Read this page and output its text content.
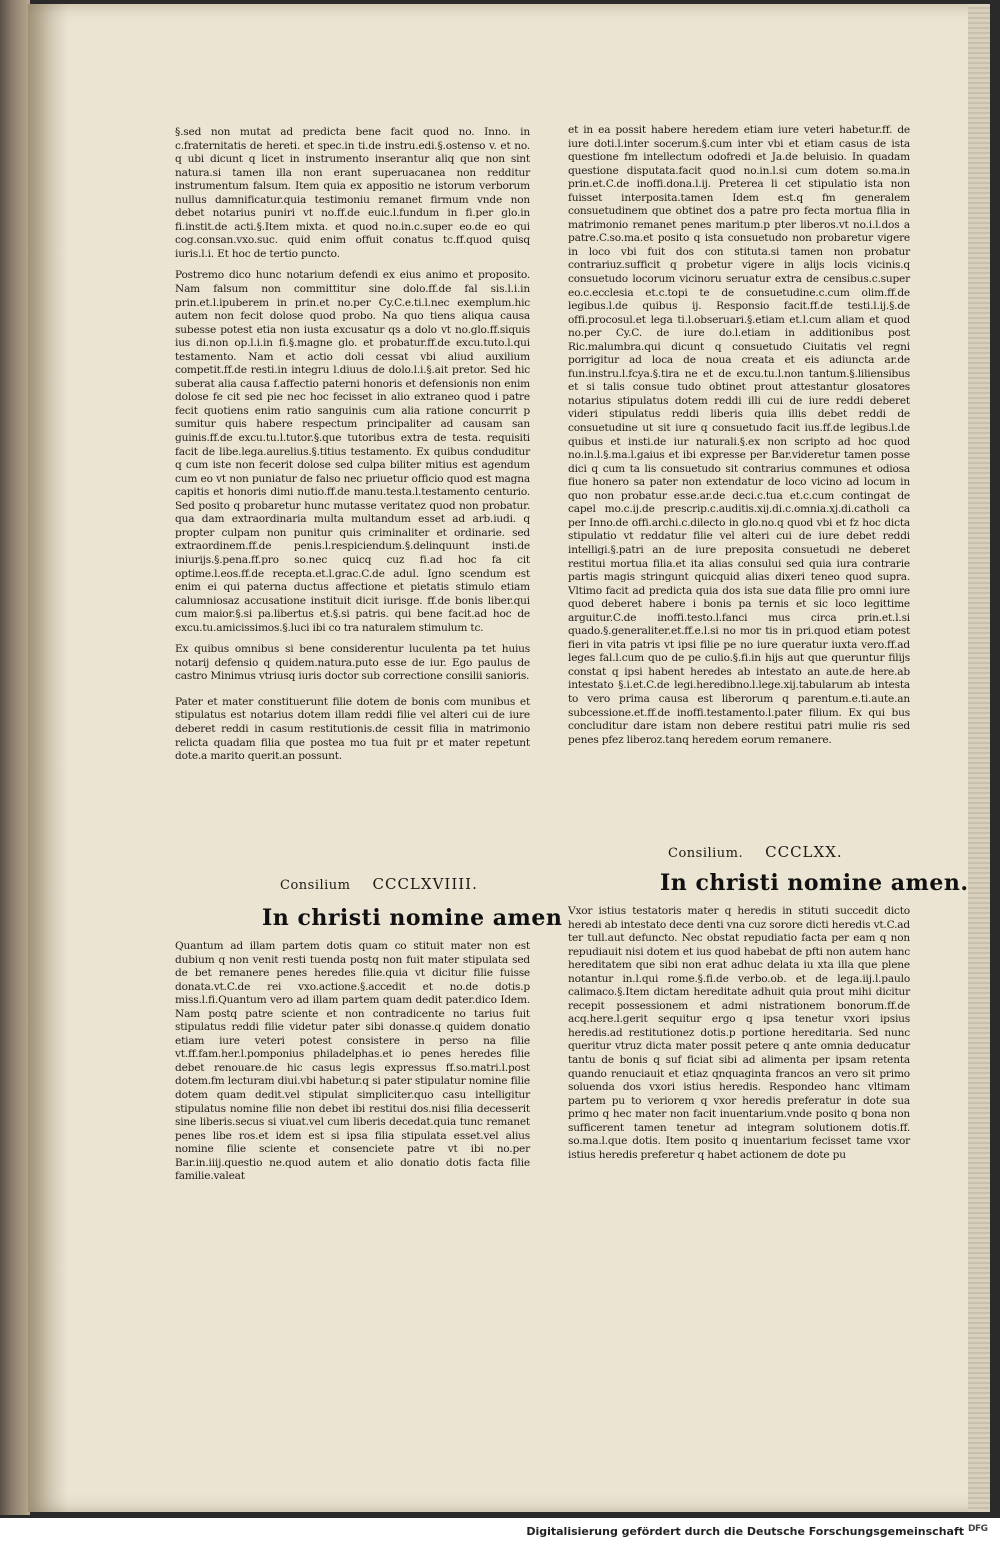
§.sed non mutat ad predicta bene facit quod no. Inno. in c.fraternitatis de hereti. et spec.in ti.de instru.edi.§.ostenso v. et no. q ubi dicunt q licet in instrumento inserantur aliq que non sint natura.si tamen illa non erant superuacanea non redditur instrumentum falsum. Item quia ex appositio ne istorum verborum nullus damnificatur.quia testimoniu remanet firmum vnde non debet notarius puniri vt no.ff.de euic.l.fundum in fi.per glo.in fi.instit.de acti.§.Item mixta. et quod no.in.c.super eo.de eo qui cog.consan.vxo.suc. quid enim offuit conatus tc.ff.quod quisq iuris.l.i. Et hoc de tertio puncto.

Postremo dico hunc notarium defendi ex eius animo et proposito. Nam falsum non committitur sine dolo.ff.de fal sis.l.i.in prin.et.l.ipuberem in prin.et no.per Cy.C.e.ti.l.nec exemplum.hic autem non fecit dolose quod probo. Na quo tiens aliqua causa subesse potest etia non iusta excusatur qs a dolo vt no.glo.ff.siquis ius di.non op.l.i.in fi.§.magne glo. et probatur.ff.de excu.tuto.l.qui testamento. Nam et actio doli cessat vbi aliud auxilium competit.ff.de resti.in integru l.diuus de dolo.l.i.§.ait pretor. Sed hic suberat alia causa f.affectio paterni honoris et defensionis non enim dolose fe cit sed pie nec hoc fecisset in alio extraneo quod i patre fecit quotiens enim ratio sanguinis cum alia ratione concurrit p sumitur quis habere respectum principaliter ad causam san guinis.ff.de excu.tu.l.tutor.§.que tutoribus extra de testa. requisiti facit de libe.lega.aurelius.§.titius testamento. Ex quibus conduditur q cum iste non fecerit dolose sed culpa biliter mitius est agendum cum eo vt non puniatur de falso nec priuetur officio quod est magna capitis et honoris dimi nutio.ff.de manu.testa.l.testamento centurio. Sed posito q probaretur hunc mutasse veritatez quod non probatur. qua dam extraordinaria multa multandum esset ad arb.iudi. q propter culpam non punitur quis criminaliter et ordinarie. sed extraordinem.ff.de penis.l.respiciendum.§.delinquunt insti.de iniurijs.§.pena.ff.pro so.nec quicq cuz fi.ad hoc fa cit optime.l.eos.ff.de recepta.et.l.grac.C.de adul. Igno scendum est enim ei qui paterna ductus affectione et pietatis stimulo etiam calumniosaz accusatione instituit dicit iurisge. ff.de bonis liber.qui cum maior.§.si pa.libertus et.§.si patris. qui bene facit.ad hoc de excu.tu.amicissimos.§.luci ibi co tra naturalem stimulum tc.

Ex quibus omnibus si bene considerentur luculenta pa tet huius notarij defensio q quidem.natura.puto esse de iur. Ego paulus de castro Minimus vtriusq iuris doctor sub correctione consilii sanioris.

Pater et mater constituerunt filie dotem de bonis com munibus et stipulatus est notarius dotem illam reddi filie vel alteri cui de iure deberet reddi in casum restitutionis.de cessit filia in matrimonio relicta quadam filia que postea mo tua fuit pr et mater repetunt dote.a marito querit.an possunt.

Consilium CCCLXVIIII.
In christi nomine amen

Quantum ad illam partem dotis quam co stituit mater non est dubium q non venit resti tuenda postq non fuit mater stipulata sed de bet remanere penes heredes filie.quia vt dicitur filie fuisse donata.vt.C.de rei vxo.actione.§.accedit et no.de dotis.p miss.l.fi.Quantum vero ad illam partem quam dedit pater.dico Idem. Nam postq patre sciente et non contradicente no tarius fuit stipulatus reddi filie videtur pater sibi donasse.q quidem donatio etiam iure veteri potest consistere in perso na filie vt.ff.fam.her.l.pomponius philadelphas.et io penes heredes filie debet renouare.de hic casus legis expressus ff.so.matri.l.post dotem.fm lecturam diui.vbi habetur.q si pater stipulatur nomine filie dotem quam dedit.vel stipulat simpliciter.quo casu intelligitur stipulatus nomine filie non debet ibi restitui dos.nisi filia decesserit sine liberis.secus si viuat.vel cum liberis decedat.quia tunc remanet penes libe ros.et idem est si ipsa filia stipulata esset.vel alius nomine filie sciente et consenciete patre vt ibi no.per Bar.in.iiij.questio ne.quod autem et alio donatio dotis facta filie familie.valeat

et in ea possit habere heredem etiam iure veteri habetur.ff. de iure doti.l.inter socerum.§.cum inter vbi et etiam casus de ista questione fm intellectum odofredi et Ja.de beluisio. In quadam questione disputata.facit quod no.in.l.si cum dotem so.ma.in prin.et.C.de inoffi.dona.l.ij. Preterea li cet stipulatio ista non fuisset interposita.tamen Idem est.q fm generalem consuetudinem que obtinet dos a patre pro fecta mortua filia in matrimonio remanet penes maritum.p pter liberos.vt no.i.l.dos a patre.C.so.ma.et posito q ista consuetudo non probaretur vigere in loco vbi fuit dos con stituta.si tamen non probatur contrariuz.sufficit q probetur vigere in alijs locis vicinis.q consuetudo locorum vicinoru seruatur extra de censibus.c.super eo.c.ecclesia et.c.topi te de consuetudine.c.cum olim.ff.de legibus.l.de quibus ij. Responsio facit.ff.de testi.l.ij.§.de offi.procosul.et lega ti.l.obseruari.§.etiam et.l.cum aliam et quod no.per Cy.C. de iure do.l.etiam in additionibus post Ric.malumbra.qui dicunt q consuetudo Ciuitatis vel regni porrigitur ad loca de noua creata et eis adiuncta ar.de fun.instru.l.fcya.§.tira ne et de excu.tu.l.non tantum.§.liliensibus et si talis consue tudo obtinet prout attestantur glosatores notarius stipulatus dotem reddi illi cui de iure reddi deberet videri stipulatus reddi liberis quia illis debet reddi de consuetudine ut sit iure q consuetudo facit ius.ff.de legibus.l.de quibus et insti.de iur naturali.§.ex non scripto ad hoc quod no.in.l.§.ma.l.gaius et ibi expresse per Bar.videretur tamen posse dici q cum ta lis consuetudo sit contrarius communes et odiosa fiue honero sa pater non extendatur de loco vicino ad locum in quo non probatur esse.ar.de deci.c.tua et.c.cum contingat de capel mo.c.ij.de prescrip.c.auditis.xij.di.c.omnia.xj.di.catholi ca per Inno.de offi.archi.c.dilecto in glo.no.q quod vbi et fz hoc dicta stipulatio vt reddatur filie vel alteri cui de iure debet reddi intelligi.§.patri an de iure preposita consuetudi ne deberet restitui mortua filia.et ita alias consului sed quia iura contrarie partis magis stringunt quicquid alias dixeri teneo quod supra. Vltimo facit ad predicta quia dos ista sue data filie pro omni iure quod deberet habere i bonis pa ternis et sic loco legittime arguitur.C.de inoffi.testo.l.fanci mus circa prin.et.l.si quado.§.generaliter.et.ff.e.l.si no mor tis in pri.quod etiam potest fieri in vita patris vt ipsi filie pe no iure queratur iuxta vero.ff.ad leges fal.l.cum quo de pe culio.§.fi.in hijs aut que queruntur filijs constat q ipsi habent heredes ab intestato an aute.de here.ab intestato §.i.et.C.de legi.heredibno.l.lege.xij.tabularum ab intesta to vero prima causa est liberorum q parentum.e.ti.aute.an subcessione.et.ff.de inoffi.testamento.l.pater filium. Ex qui bus concluditur dare istam non debere restitui patri mulie ris sed penes pfez liberoz.tanq heredem eorum remanere.

Consilium. CCCLXX.
In christi nomine amen.

Vxor istius testatoris mater q heredis in stituti succedit dicto heredi ab intestato dece denti vna cuz sorore dicti heredis vt.C.ad ter tull.aut defuncto. Nec obstat repudiatio facta per eam q non repudiauit nisi dotem et ius quod habebat de pfti non autem hanc hereditatem que sibi non erat adhuc delata iu xta illa que plene notantur in.l.qui rome.§.fi.de verbo.ob. et de lega.iij.l.paulo calimaco.§.Item dictam hereditate adhuit quia prout mihi dicitur recepit possessionem et admi nistrationem bonorum.ff.de acq.here.l.gerit sequitur ergo q ipsa tenetur vxori ipsius heredis.ad restitutionez dotis.p portione hereditaria. Sed nunc queritur vtruz dicta mater possit petere q ante omnia deducatur tantu de bonis q suf ficiat sibi ad alimenta per ipsam retenta quando renuciauit et etiaz qnquaginta francos an vero sit primo soluenda dos vxori istius heredis. Respondeo hanc vltimam partem pu to veriorem q vxor heredis preferatur in dote sua primo q hec mater non facit inuentarium.vnde posito q bona non sufficerent tamen tenetur ad integram solutionem dotis.ff. so.ma.l.que dotis. Item posito q inuentarium fecisset tame vxor istius heredis preferetur q habet actionem de dote pu

Digitalisierung gefördert durch die Deutsche Forschungsgemeinschaft DFG
